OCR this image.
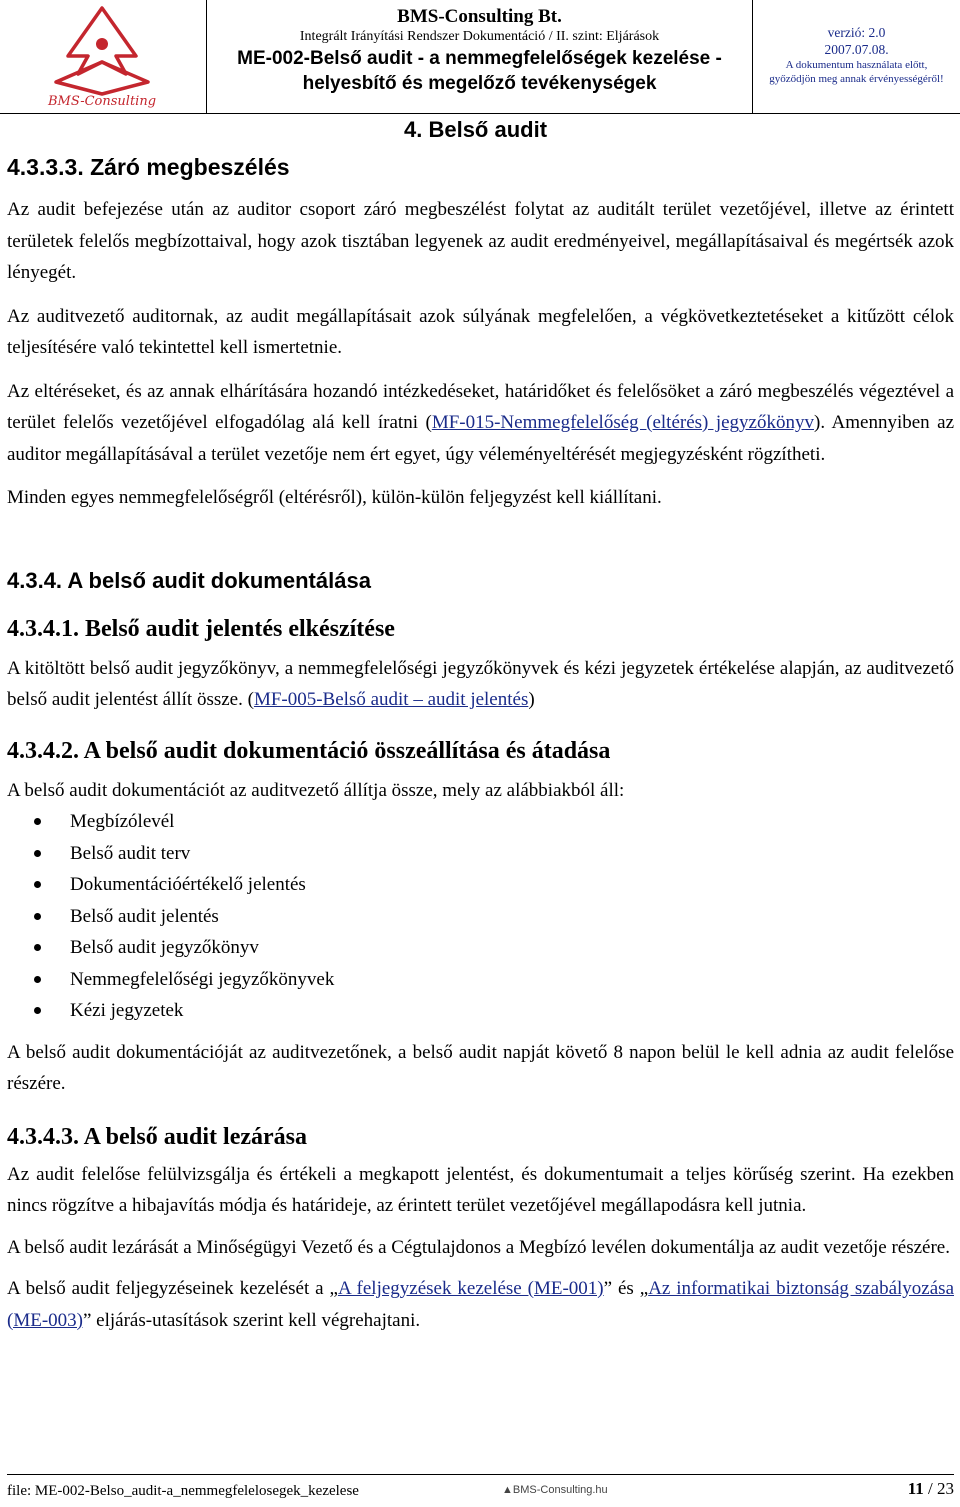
BMS-Consulting
BMS-Consulting Bt.
Integrált Irányítási Rendszer Dokumentáció / II. szint: Eljárások
ME-002-Belső audit - a nemmegfelelőségek kezelése -
helyesbítő és megelőző tevékenységek
verzió: 2.0
2007.07.08.
A dokumentum használata előtt,
győződjön meg annak érvényességéről!
4. Belső audit
4.3.3.3. Záró megbeszélés

Az audit befejezése után az auditor csoport záró megbeszélést folytat az auditált terület vezetőjével, illetve az érintett területek felelős megbízottaival, hogy azok tisztában legyenek az audit eredményeivel, megállapításaival és megértsék azok lényegét.

Az auditvezető auditornak, az audit megállapításait azok súlyának megfelelően, a végkövetkeztetéseket a kitűzött célok teljesítésére való tekintettel kell ismertetnie.

Az eltéréseket, és az annak elhárítására hozandó intézkedéseket, határidőket és felelősöket a záró megbeszélés végeztével a terület felelős vezetőjével elfogadólag alá kell íratni (MF-015-Nemmegfelelőség (eltérés) jegyzőkönyv). Amennyiben az auditor megállapításával a terület vezetője nem ért egyet, úgy véleményeltérését megjegyzésként rögzítheti.

Minden egyes nemmegfelelőségről (eltérésről), külön-külön feljegyzést kell kiállítani.

4.3.4. A belső audit dokumentálása
4.3.4.1. Belső audit jelentés elkészítése

A kitöltött belső audit jegyzőkönyv, a nemmegfelelőségi jegyzőkönyvek és kézi jegyzetek értékelése alapján, az auditvezető belső audit jelentést állít össze. (MF-005-Belső audit – audit jelentés)

4.3.4.2. A belső audit dokumentáció összeállítása és átadása

A belső audit dokumentációt az auditvezető állítja össze, mely az alábbiakból áll:

Megbízólevél
Belső audit terv
Dokumentációértékelő jelentés
Belső audit jelentés
Belső audit jegyzőkönyv
Nemmegfelelőségi jegyzőkönyvek
Kézi jegyzetek

A belső audit dokumentációját az auditvezetőnek, a belső audit napját követő 8 napon belül le kell adnia az audit felelőse részére.

4.3.4.3. A belső audit lezárása

Az audit felelőse felülvizsgálja és értékeli a megkapott jelentést, és dokumentumait a teljes körűség szerint. Ha ezekben nincs rögzítve a hibajavítás módja és határideje, az érintett terület vezetőjével megállapodásra kell jutnia.

A belső audit lezárását a Minőségügyi Vezető és a Cégtulajdonos a Megbízó levélen dokumentálja az audit vezetője részére.

A belső audit feljegyzéseinek kezelését a „A feljegyzések kezelése (ME-001)” és „Az informatikai biztonság szabályozása (ME-003)” eljárás-utasítások szerint kell végrehajtani.

file: ME-002-Belso_audit-a_nemmegfelelosegek_kezelese	▲BMS-Consulting.hu	11 / 23
